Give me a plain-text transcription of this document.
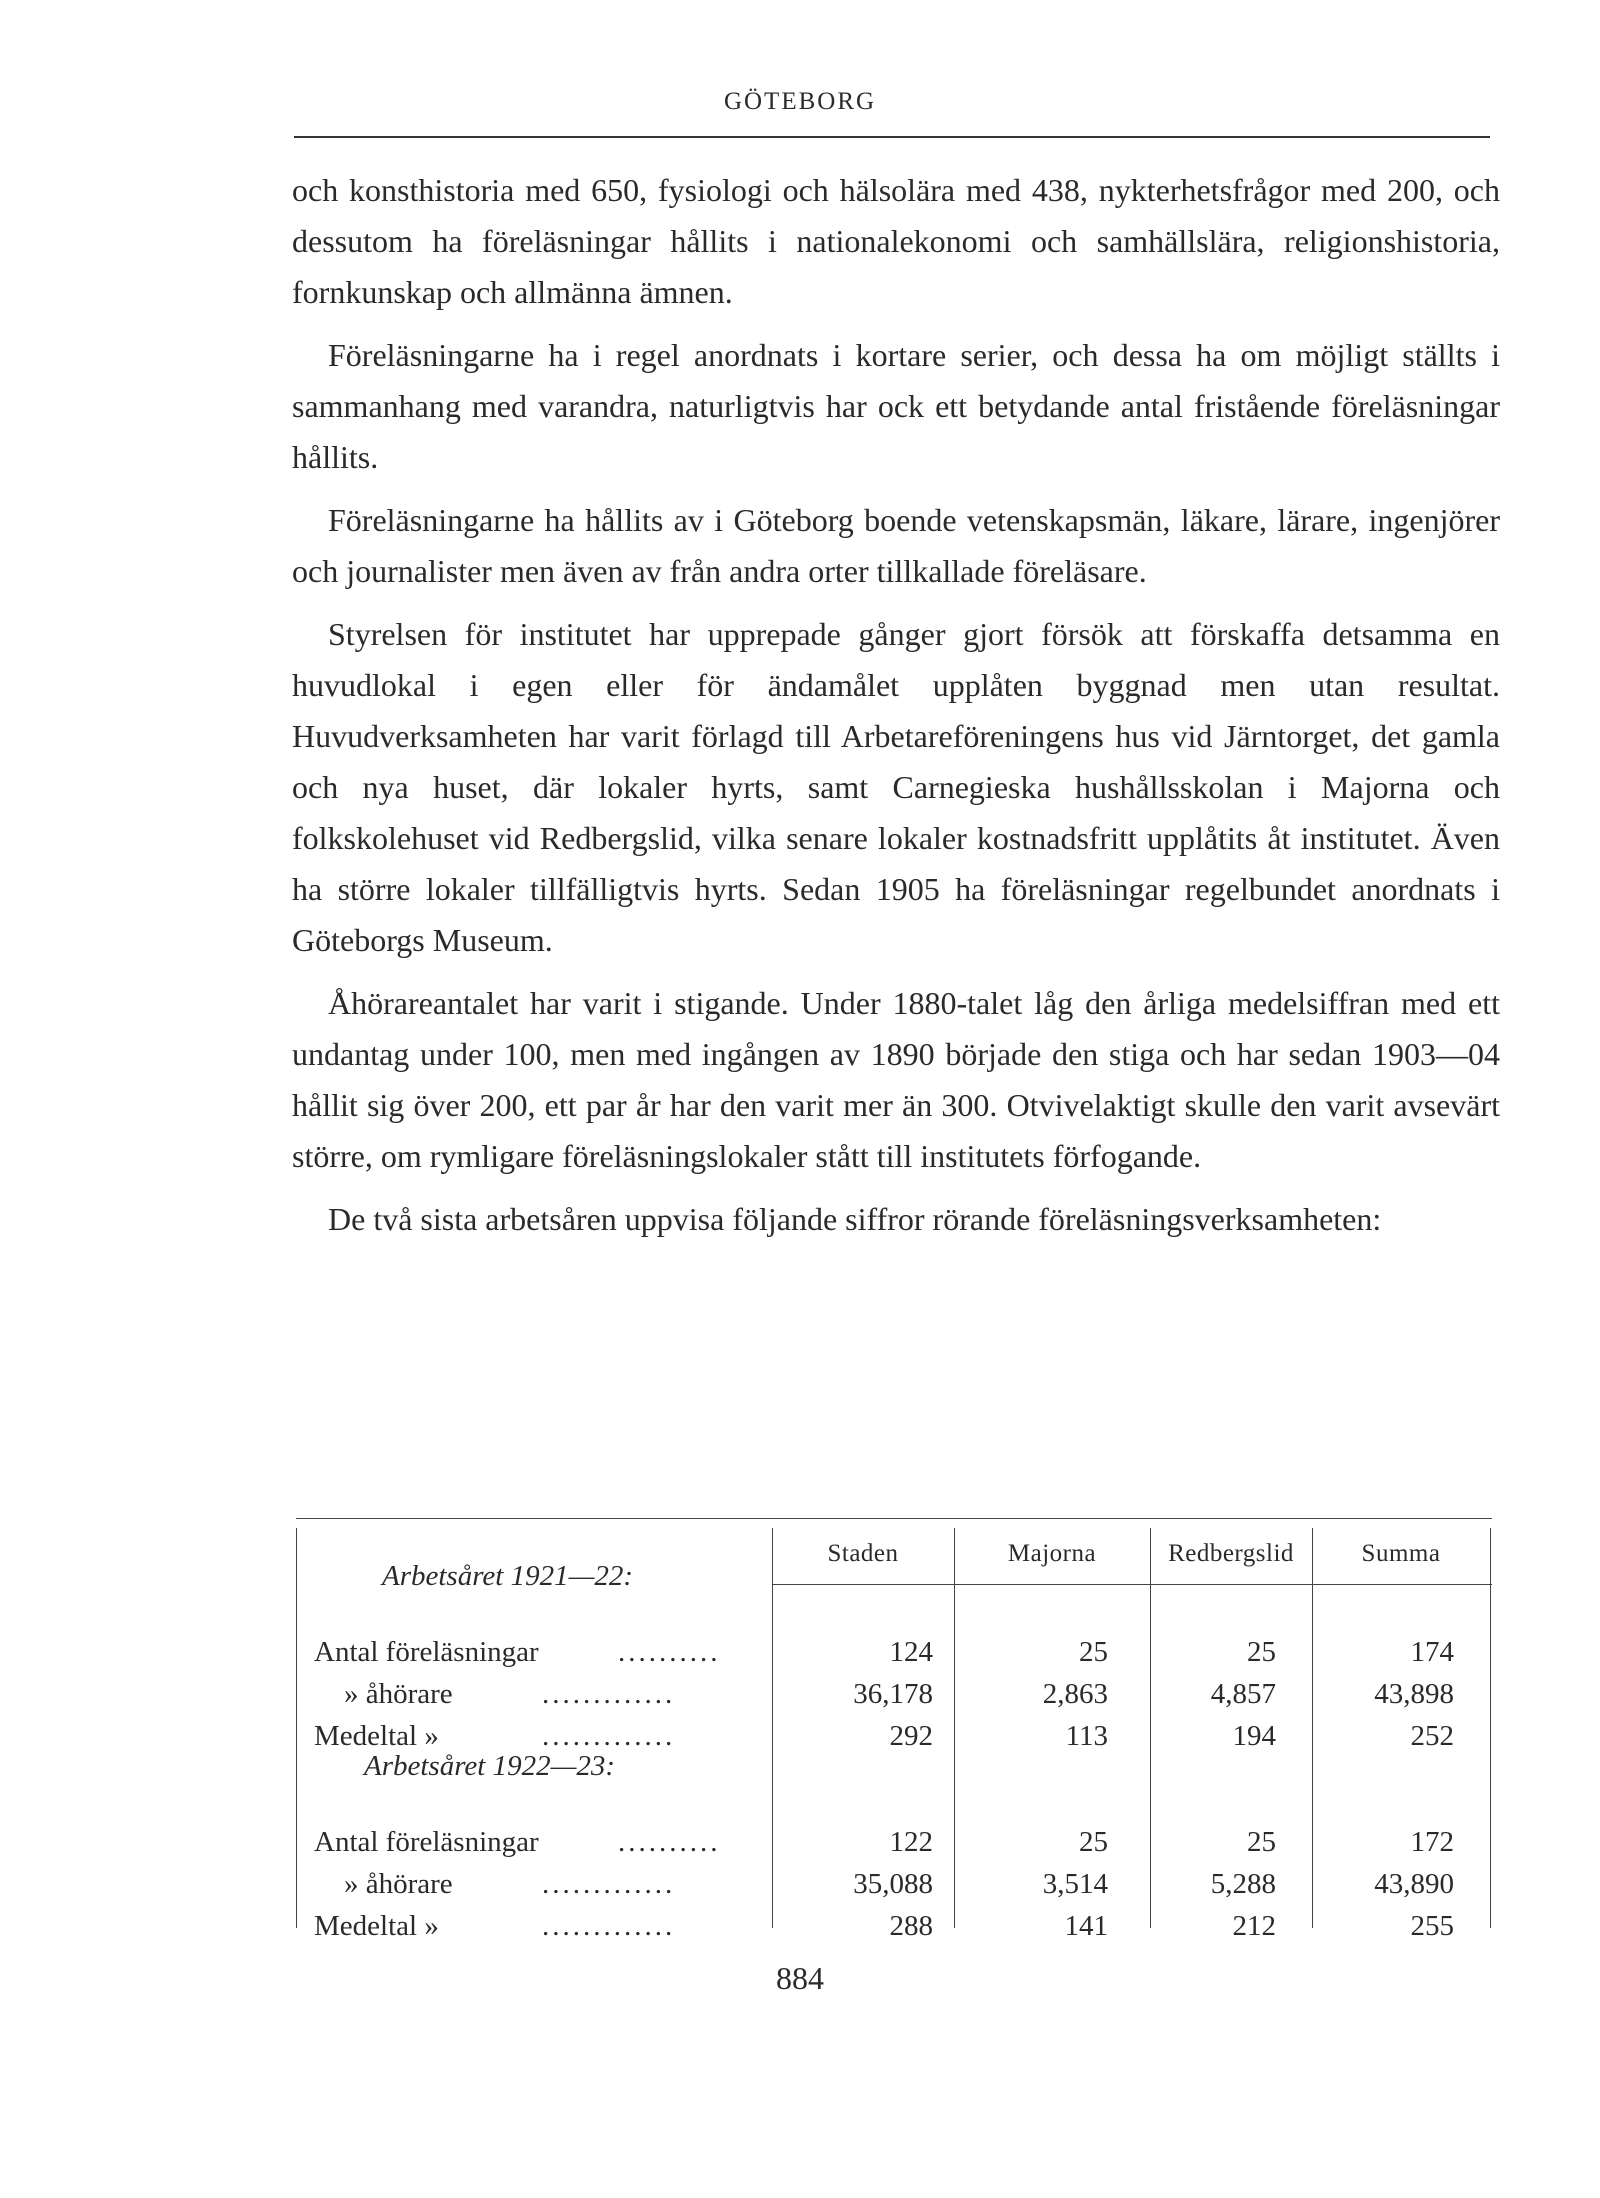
GÖTEBORG

och konsthistoria med 650, fysiologi och hälsolära med 438, nykterhetsfrågor med 200, och dessutom ha föreläsningar hållits i nationalekonomi och samhällslära, religionshistoria, fornkunskap och allmänna ämnen.

Föreläsningarne ha i regel anordnats i kortare serier, och dessa ha om möjligt ställts i sammanhang med varandra, naturligtvis har ock ett betydande antal fristående föreläsningar hållits.

Föreläsningarne ha hållits av i Göteborg boende vetenskapsmän, läkare, lärare, ingenjörer och journalister men även av från andra orter tillkallade föreläsare.

Styrelsen för institutet har upprepade gånger gjort försök att förskaffa detsamma en huvudlokal i egen eller för ändamålet upplåten byggnad men utan resultat. Huvudverksamheten har varit förlagd till Arbetareföreningens hus vid Järntorget, det gamla och nya huset, där lokaler hyrts, samt Carnegieska hushållsskolan i Majorna och folkskolehuset vid Redbergslid, vilka senare lokaler kostnadsfritt upplåtits åt institutet. Även ha större lokaler tillfälligtvis hyrts. Sedan 1905 ha föreläsningar regelbundet anordnats i Göteborgs Museum.

Åhörareantalet har varit i stigande. Under 1880-talet låg den årliga medelsiffran med ett undantag under 100, men med ingången av 1890 började den stiga och har sedan 1903—04 hållit sig över 200, ett par år har den varit mer än 300. Otvivelaktigt skulle den varit avsevärt större, om rymligare föreläsningslokaler stått till institutets förfogande.

De två sista arbetsåren uppvisa följande siffror rörande föreläsningsverksamheten:

Staden	Majorna	Redbergslid	Summa
Arbetsåret 1921—22:
Antal föreläsningar	..........	124	25	25	174
» åhörare	.............	36,178	2,863	4,857	43,898
Medeltal »	.............	292	113	194	252
Arbetsåret 1922—23:
Antal föreläsningar	..........	122	25	25	172
» åhörare	.............	35,088	3,514	5,288	43,890
Medeltal »	.............	288	141	212	255
884
